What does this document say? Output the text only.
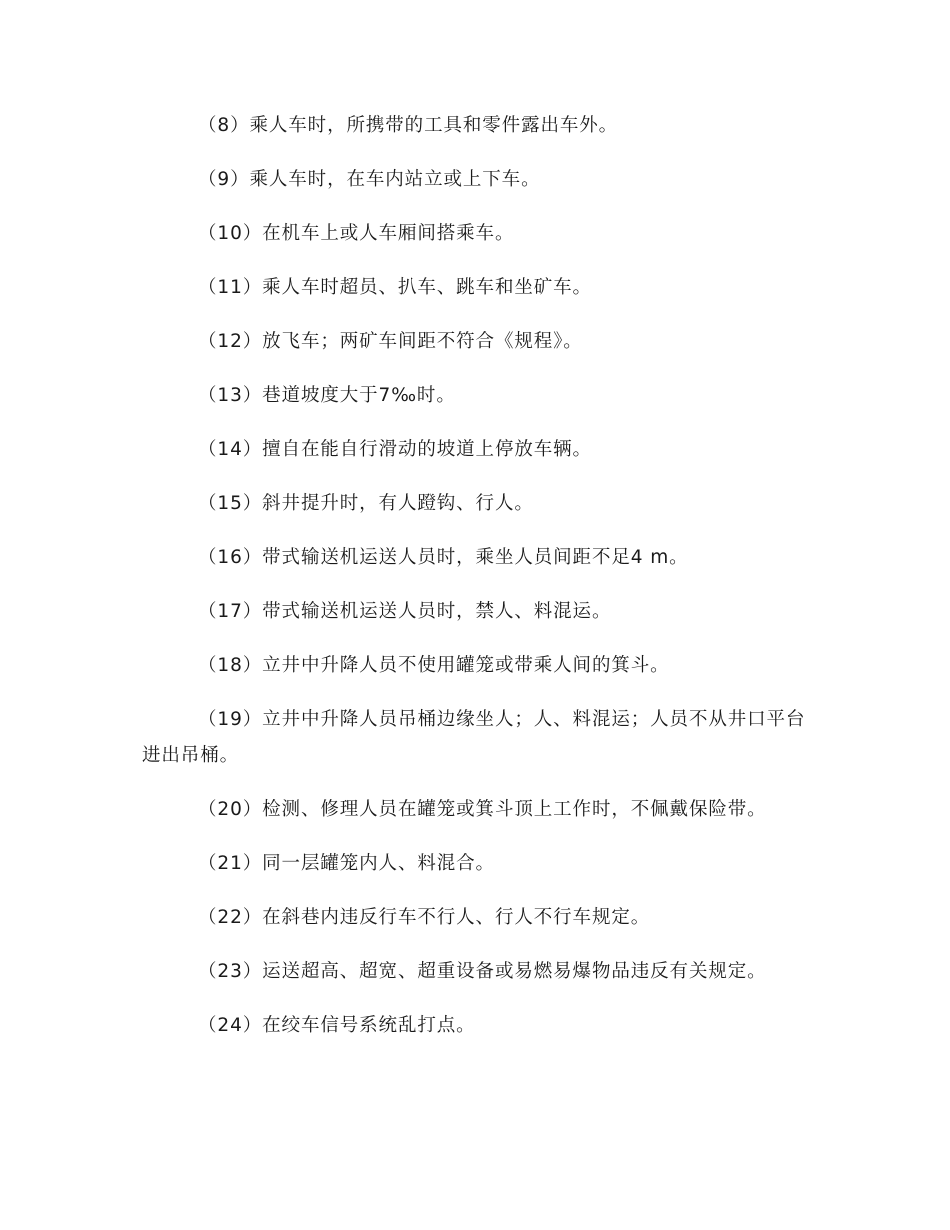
（8）乘人车时，所携带的工具和零件露出车外。

（9）乘人车时，在车内站立或上下车。

（10）在机车上或人车厢间搭乘车。

（11）乘人车时超员、扒车、跳车和坐矿车。

（12）放飞车；两矿车间距不符合《规程》。

（13）巷道坡度大于7‰时。

（14）擅自在能自行滑动的坡道上停放车辆。

（15）斜井提升时，有人蹬钩、行人。

（16）带式输送机运送人员时，乘坐人员间距不足4 m。

（17）带式输送机运送人员时，禁人、料混运。

（18）立井中升降人员不使用罐笼或带乘人间的箕斗。

（19）立井中升降人员吊桶边缘坐人；人、料混运；人员不从井口平台进出吊桶。

（20）检测、修理人员在罐笼或箕斗顶上工作时，不佩戴保险带。

（21）同一层罐笼内人、料混合。

（22）在斜巷内违反行车不行人、行人不行车规定。

（23）运送超高、超宽、超重设备或易燃易爆物品违反有关规定。

（24）在绞车信号系统乱打点。
